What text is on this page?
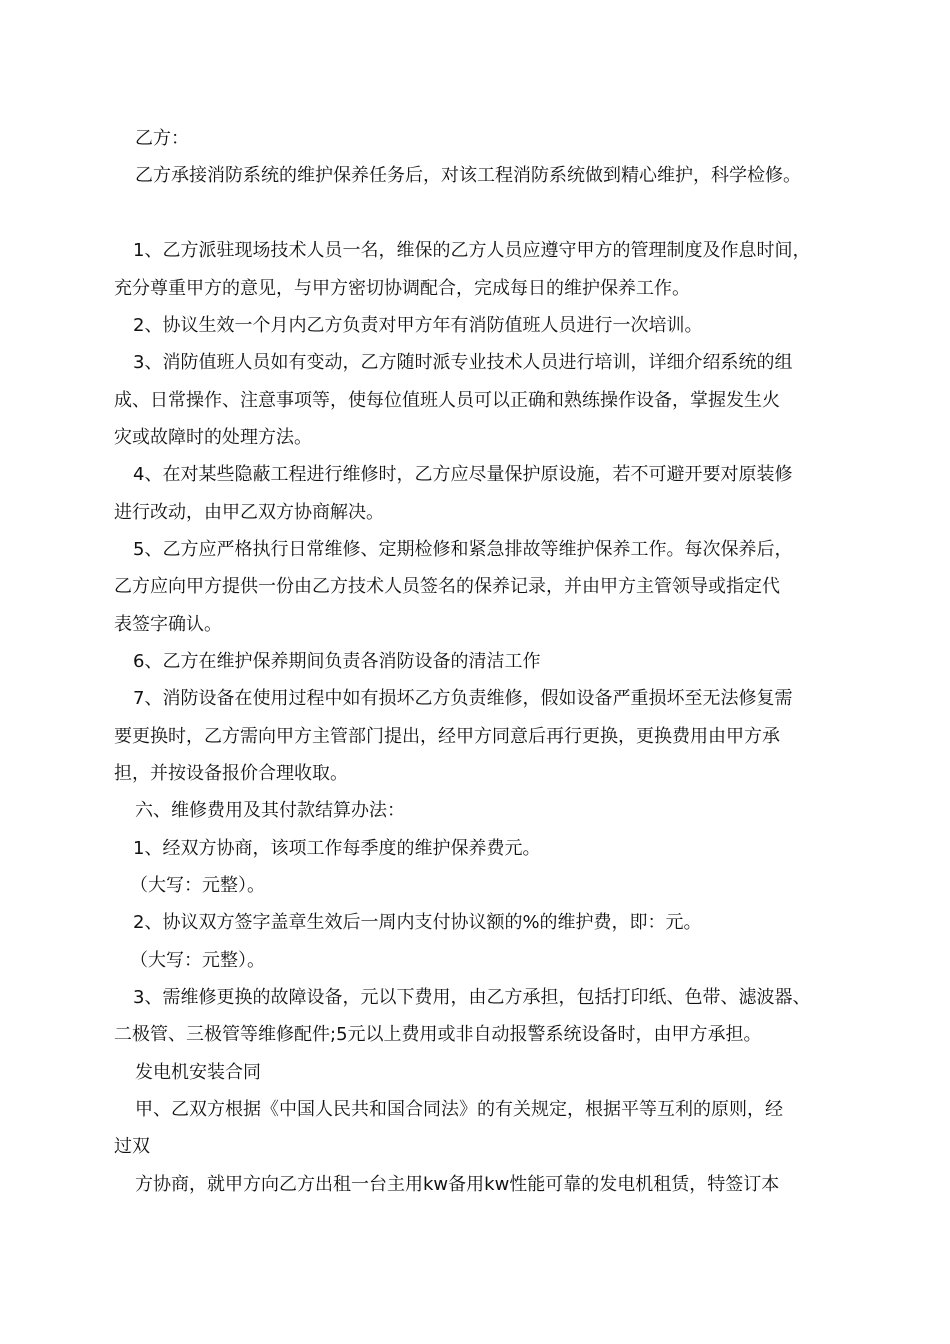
乙方：
乙方承接消防系统的维护保养任务后，对该工程消防系统做到精心维护，科学检修。
1、乙方派驻现场技术人员一名，维保的乙方人员应遵守甲方的管理制度及作息时间，
充分尊重甲方的意见，与甲方密切协调配合，完成每日的维护保养工作。
2、协议生效一个月内乙方负责对甲方年有消防值班人员进行一次培训。
3、消防值班人员如有变动，乙方随时派专业技术人员进行培训，详细介绍系统的组
成、日常操作、注意事项等，使每位值班人员可以正确和熟练操作设备，掌握发生火
灾或故障时的处理方法。
4、在对某些隐蔽工程进行维修时，乙方应尽量保护原设施，若不可避开要对原装修
进行改动，由甲乙双方协商解决。
5、乙方应严格执行日常维修、定期检修和紧急排故等维护保养工作。每次保养后，
乙方应向甲方提供一份由乙方技术人员签名的保养记录，并由甲方主管领导或指定代
表签字确认。
6、乙方在维护保养期间负责各消防设备的清洁工作
7、消防设备在使用过程中如有损坏乙方负责维修，假如设备严重损坏至无法修复需
要更换时，乙方需向甲方主管部门提出，经甲方同意后再行更换，更换费用由甲方承
担，并按设备报价合理收取。
六、维修费用及其付款结算办法：
1、经双方协商，该项工作每季度的维护保养费元。
（大写：元整）。
2、协议双方签字盖章生效后一周内支付协议额的%的维护费，即：元。
（大写：元整）。
3、需维修更换的故障设备，元以下费用，由乙方承担，包括打印纸、色带、滤波器、
二极管、三极管等维修配件;5元以上费用或非自动报警系统设备时，由甲方承担。
发电机安装合同
甲、乙双方根据《中国人民共和国合同法》的有关规定，根据平等互利的原则，经
过双
方协商，就甲方向乙方出租一台主用kw备用kw性能可靠的发电机租赁，特签订本
